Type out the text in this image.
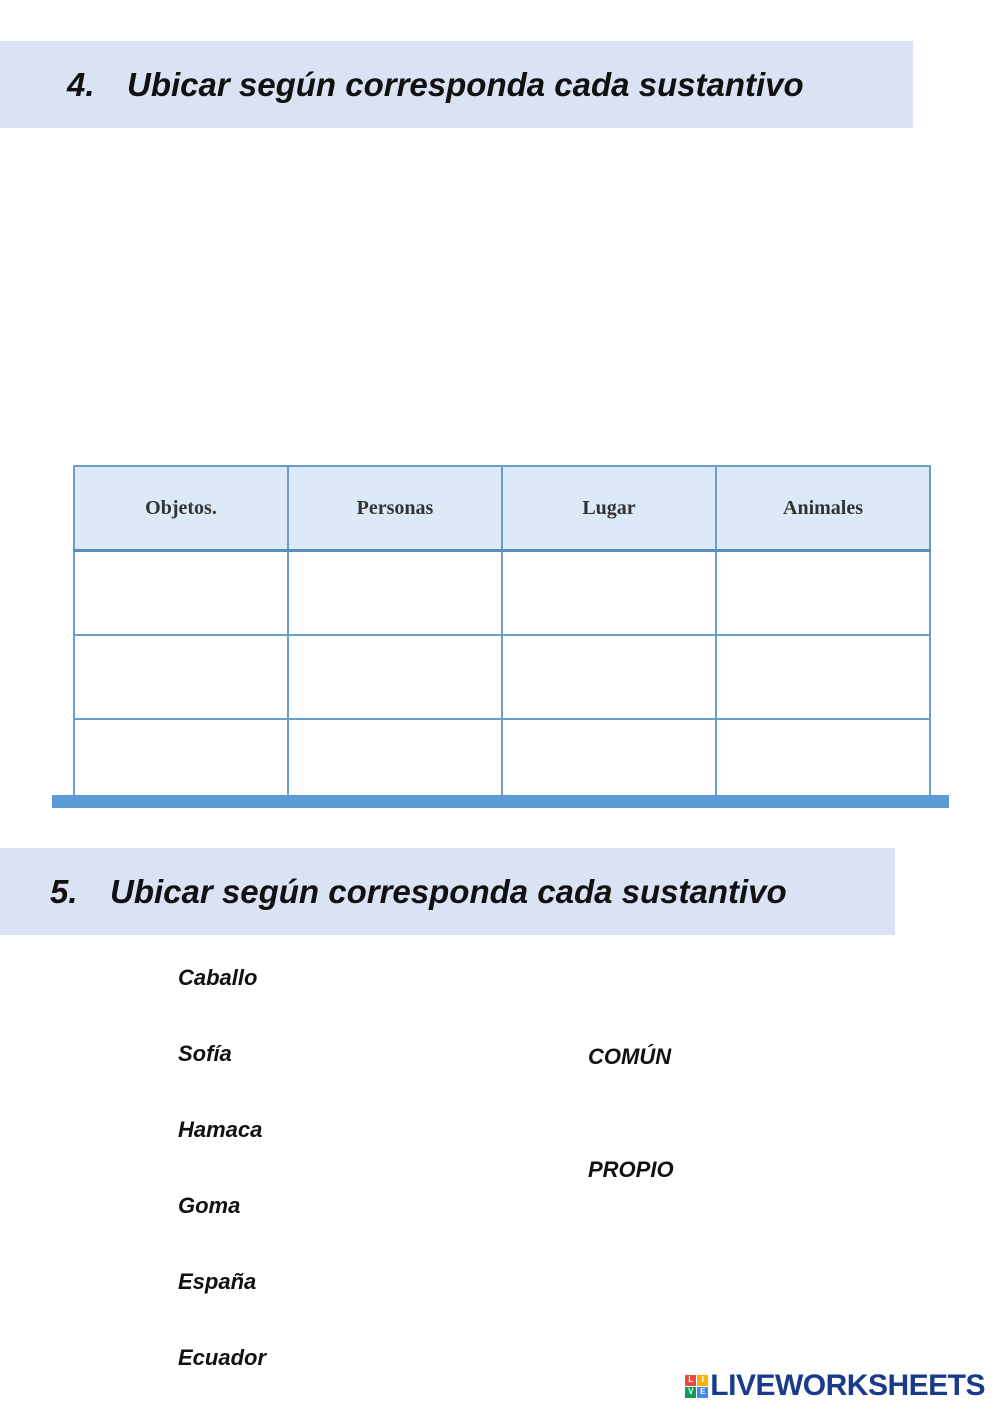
4. Ubicar según corresponda cada sustantivo
Objetos.	Personas	Lugar	Animales

5. Ubicar según corresponda cada sustantivo

Caballo

Sofía

Hamaca

Goma

España

Ecuador

COMÚN

PROPIO

L	I
V E LIVEWORKSHEETS
